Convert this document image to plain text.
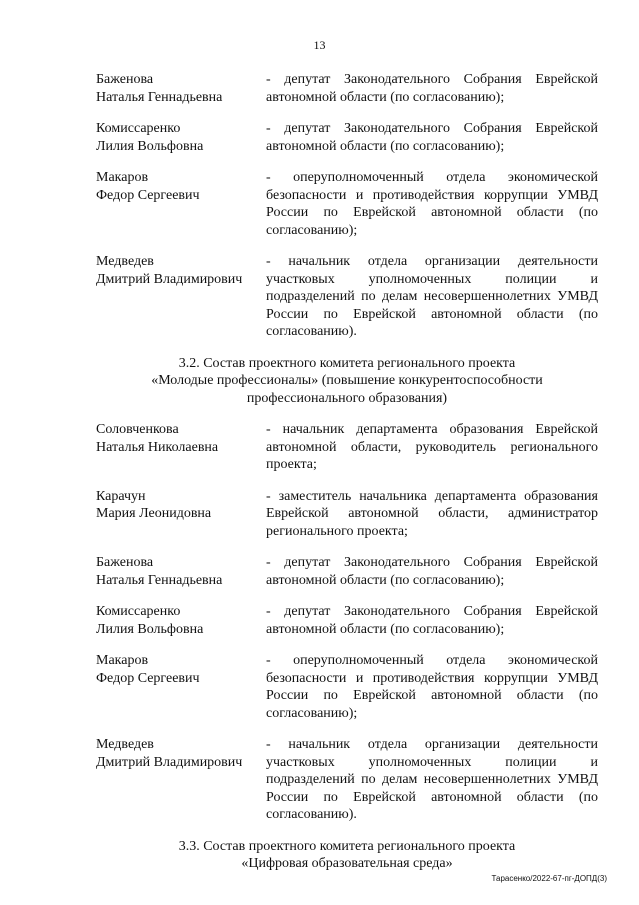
13
Баженова
Наталья Геннадьевна
- депутат Законодательного Собрания Еврейской автономной области (по согласованию);
Комиссаренко
Лилия Вольфовна
- депутат Законодательного Собрания Еврейской автономной области (по согласованию);
Макаров
Федор Сергеевич
- оперуполномоченный отдела экономической безопасности и противодействия коррупции УМВД России по Еврейской автономной области (по согласованию);
Медведев
Дмитрий Владимирович
- начальник отдела организации деятельности участковых уполномоченных полиции и подразделений по делам несовершеннолетних УМВД России по Еврейской автономной области (по согласованию).
3.2. Состав проектного комитета регионального проекта
«Молодые профессионалы» (повышение конкурентоспособности
профессионального образования)
Соловченкова
Наталья Николаевна
- начальник департамента образования Еврейской автономной области, руководитель регионального проекта;
Карачун
Мария Леонидовна
- заместитель начальника департамента образования Еврейской автономной области, администратор регионального проекта;
Баженова
Наталья Геннадьевна
- депутат Законодательного Собрания Еврейской автономной области (по согласованию);
Комиссаренко
Лилия Вольфовна
- депутат Законодательного Собрания Еврейской автономной области (по согласованию);
Макаров
Федор Сергеевич
- оперуполномоченный отдела экономической безопасности и противодействия коррупции УМВД России по Еврейской автономной области (по согласованию);
Медведев
Дмитрий Владимирович
- начальник отдела организации деятельности участковых уполномоченных полиции и подразделений по делам несовершеннолетних УМВД России по Еврейской автономной области (по согласованию).
3.3. Состав проектного комитета регионального проекта
«Цифровая образовательная среда»
Тарасенко/2022-67-пг-ДОПД(3)
